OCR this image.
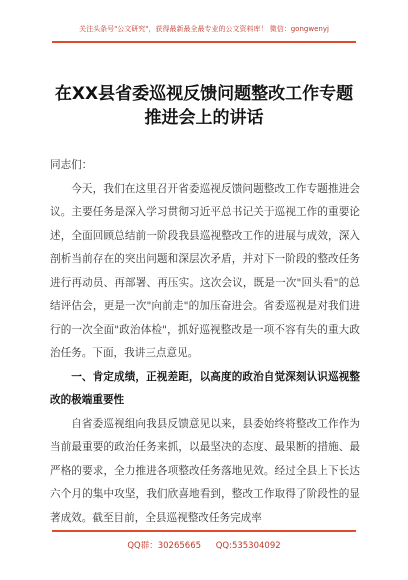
关注头条号"公文研究"，获得最新最全最专业的公文资料库！ 微信：gongwenyj
在XX县省委巡视反馈问题整改工作专题
推进会上的讲话

同志们：

今天，我们在这里召开省委巡视反馈问题整改工作专题推进会议。主要任务是深入学习贯彻习近平总书记关于巡视工作的重要论述，全面回顾总结前一阶段我县巡视整改工作的进展与成效，深入剖析当前存在的突出问题和深层次矛盾，并对下一阶段的整改任务进行再动员、再部署、再压实。这次会议，既是一次"回头看"的总结评估会，更是一次"向前走"的加压奋进会。省委巡视是对我们进行的一次全面"政治体检"，抓好巡视整改是一项不容有失的重大政治任务。下面，我讲三点意见。

一、肯定成绩，正视差距，以高度的政治自觉深刻认识巡视整改的极端重要性

自省委巡视组向我县反馈意见以来，县委始终将整改工作作为当前最重要的政治任务来抓，以最坚决的态度、最果断的措施、最严格的要求，全力推进各项整改任务落地见效。经过全县上下长达六个月的集中攻坚，我们欣喜地看到，整改工作取得了阶段性的显著成效。截至目前，全县巡视整改任务完成率

QQ群：30265665 QQ:535304092
